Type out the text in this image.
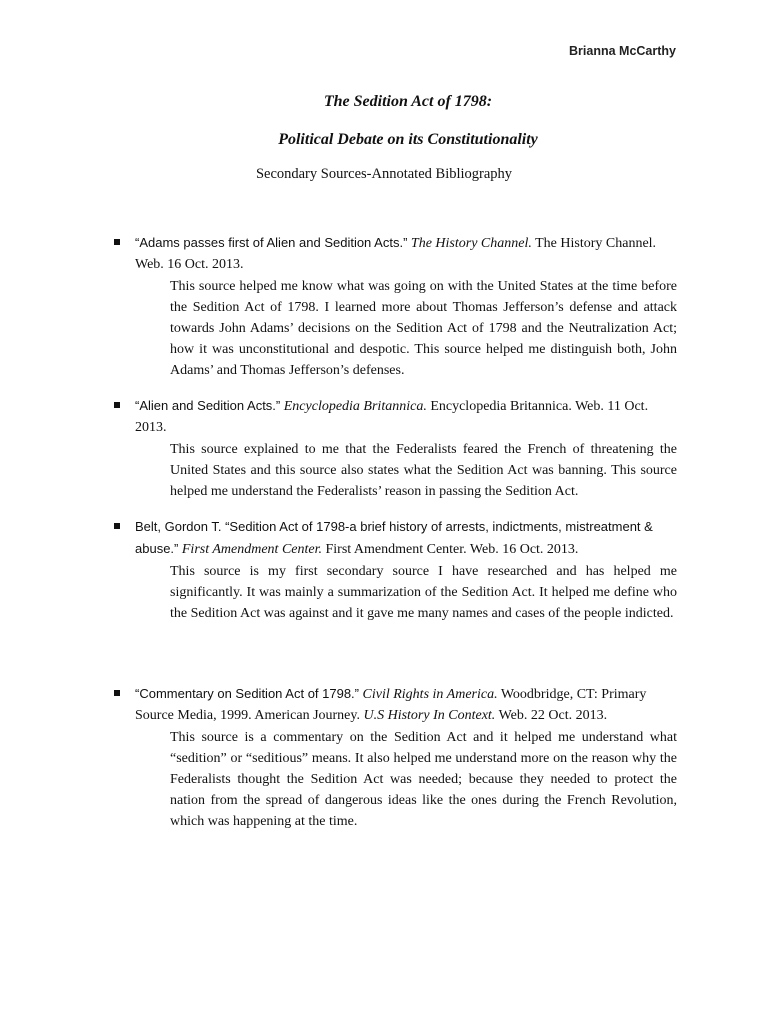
Brianna McCarthy
The Sedition Act of 1798:
Political Debate on its Constitutionality
Secondary Sources-Annotated Bibliography
“Adams passes first of Alien and Sedition Acts.” The History Channel. The History Channel. Web. 16 Oct. 2013.
This source helped me know what was going on with the United States at the time before the Sedition Act of 1798. I learned more about Thomas Jefferson’s defense and attack towards John Adams’ decisions on the Sedition Act of 1798 and the Neutralization Act; how it was unconstitutional and despotic. This source helped me distinguish both, John Adams’ and Thomas Jefferson’s defenses.
“Alien and Sedition Acts.” Encyclopedia Britannica. Encyclopedia Britannica. Web. 11 Oct. 2013.
This source explained to me that the Federalists feared the French of threatening the United States and this source also states what the Sedition Act was banning. This source helped me understand the Federalists’ reason in passing the Sedition Act.
Belt, Gordon T. “Sedition Act of 1798-a brief history of arrests, indictments, mistreatment & abuse.” First Amendment Center. First Amendment Center. Web. 16 Oct. 2013.
This source is my first secondary source I have researched and has helped me significantly. It was mainly a summarization of the Sedition Act. It helped me define who the Sedition Act was against and it gave me many names and cases of the people indicted.
“Commentary on Sedition Act of 1798.” Civil Rights in America. Woodbridge, CT: Primary Source Media, 1999. American Journey. U.S History In Context. Web. 22 Oct. 2013.
This source is a commentary on the Sedition Act and it helped me understand what “sedition” or “seditious” means. It also helped me understand more on the reason why the Federalists thought the Sedition Act was needed; because they needed to protect the nation from the spread of dangerous ideas like the ones during the French Revolution, which was happening at the time.
